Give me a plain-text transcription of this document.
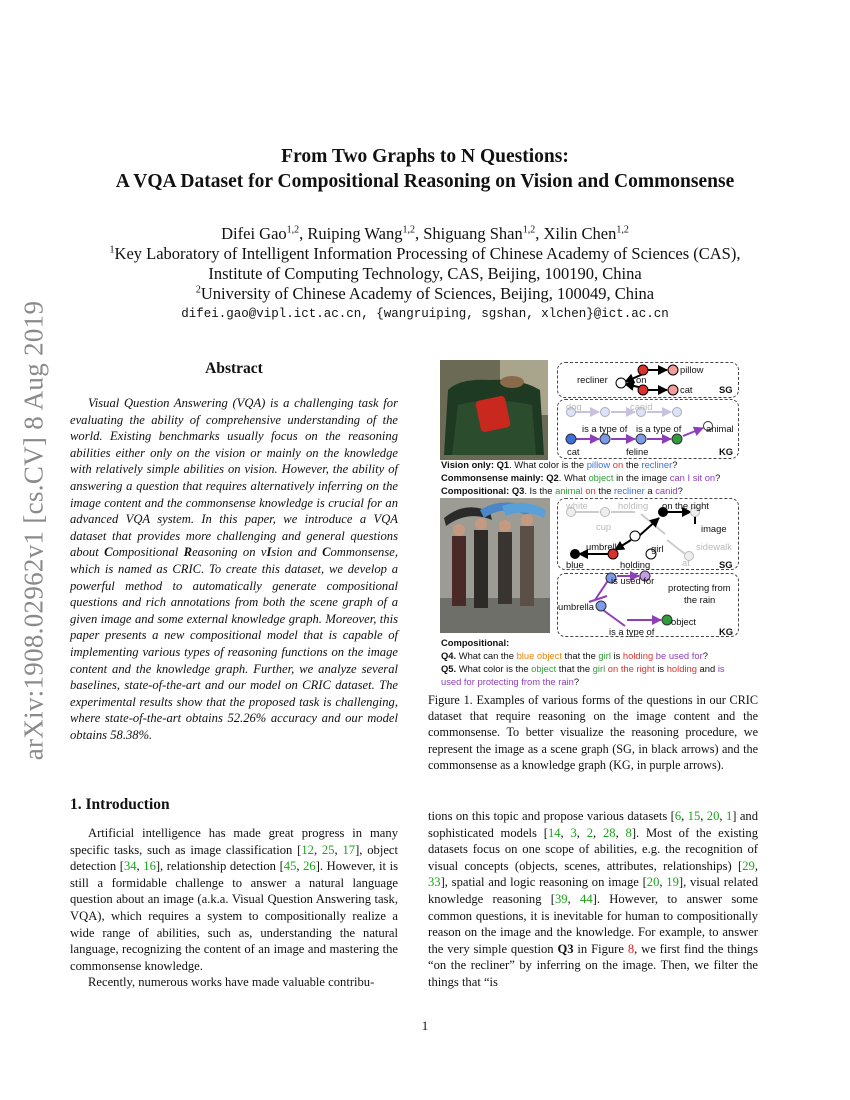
arXiv:1908.02962v1 [cs.CV] 8 Aug 2019
From Two Graphs to N Questions:
A VQA Dataset for Compositional Reasoning on Vision and Commonsense
Difei Gao$^{1,2}$, Ruiping Wang$^{1,2}$, Shiguang Shan$^{1,2}$, Xilin Chen$^{1,2}$
$^1$Key Laboratory of Intelligent Information Processing of Chinese Academy of Sciences (CAS),
Institute of Computing Technology, CAS, Beijing, 100190, China
$^2$University of Chinese Academy of Sciences, Beijing, 100049, China
difei.gao@vipl.ict.ac.cn, {wangruiping, sgshan, xlchen}@ict.ac.cn
Abstract

Visual Question Answering (VQA) is a challenging task for evaluating the ability of comprehensive understanding of the world. Existing benchmarks usually focus on the reasoning abilities either only on the vision or mainly on the knowledge with relatively simple abilities on vision. However, the ability of answering a question that requires alternatively inferring on the image content and the commonsense knowledge is crucial for an advanced VQA system. In this paper, we introduce a VQA dataset that provides more challenging and general questions about Compositional Reasoning on vIsion and Commonsense, which is named as CRIC. To create this dataset, we develop a powerful method to automatically generate compositional questions and rich annotations from both the scene graph of a given image and some external knowledge graph. Moreover, this paper presents a new compositional model that is capable of implementing various types of reasoning functions on the image content and the knowledge graph. Further, we analyze several baselines, state-of-the-art and our model on CRIC dataset. The experimental results show that the proposed task is challenging, where state-of-the-art obtains 52.26% accuracy and our model obtains 58.38%.

1. Introduction

Artificial intelligence has made great progress in many specific tasks, such as image classification [12, 25, 17], object detection [34, 16], relationship detection [45, 26]. However, it is still a formidable challenge to answer a natural language question about an image (a.k.a. Visual Question Answering task, VQA), which requires a system to compositionally realize a wide range of abilities, such as, understanding the natural language, recognizing the content of an image and mastering the commonsense knowledge.

Recently, numerous works have made valuable contribu-

tions on this topic and propose various datasets [6, 15, 20, 1] and sophisticated models [14, 3, 2, 28, 8]. Most of the existing datasets focus on one scope of abilities, e.g. the recognition of visual concepts (objects, scenes, attributes, relationships) [29, 33], spatial and logic reasoning on image [20, 19], visual related knowledge reasoning [39, 44]. However, to answer some common questions, it is inevitable for human to compositionally reason on the image and the knowledge. For example, to answer the very simple question Q3 in Figure 8, we first find the things “on the recliner” by inferring on the image. Then, we filter the things that “is

pillow
recliner	on
cat	SG
dog	canid
is a type of is a type of	animal
cat	feline	KG
Vision only: Q1. What color is the pillow on the recliner?
Commonsense mainly: Q2. What object in the image can I sit on?
Compositional: Q3. Is the animal on the recliner a canid?
white	holding on the right
cup	image
umbrella	girl	sidewalk
blue	holding	at	SG
is used for
protecting from
the rain
umbrella
object
is a type of	KG
Compositional:
Q4. What can the blue object that the girl is holding be used for?
Q5. What color is the object that the girl on the right is holding and is
used for protecting from the rain?

Figure 1. Examples of various forms of the questions in our CRIC dataset that require reasoning on the image content and the commonsense. To better visualize the reasoning procedure, we represent the image as a scene graph (SG, in black arrows) and the commonsense as a knowledge graph (KG, in purple arrows).

1
